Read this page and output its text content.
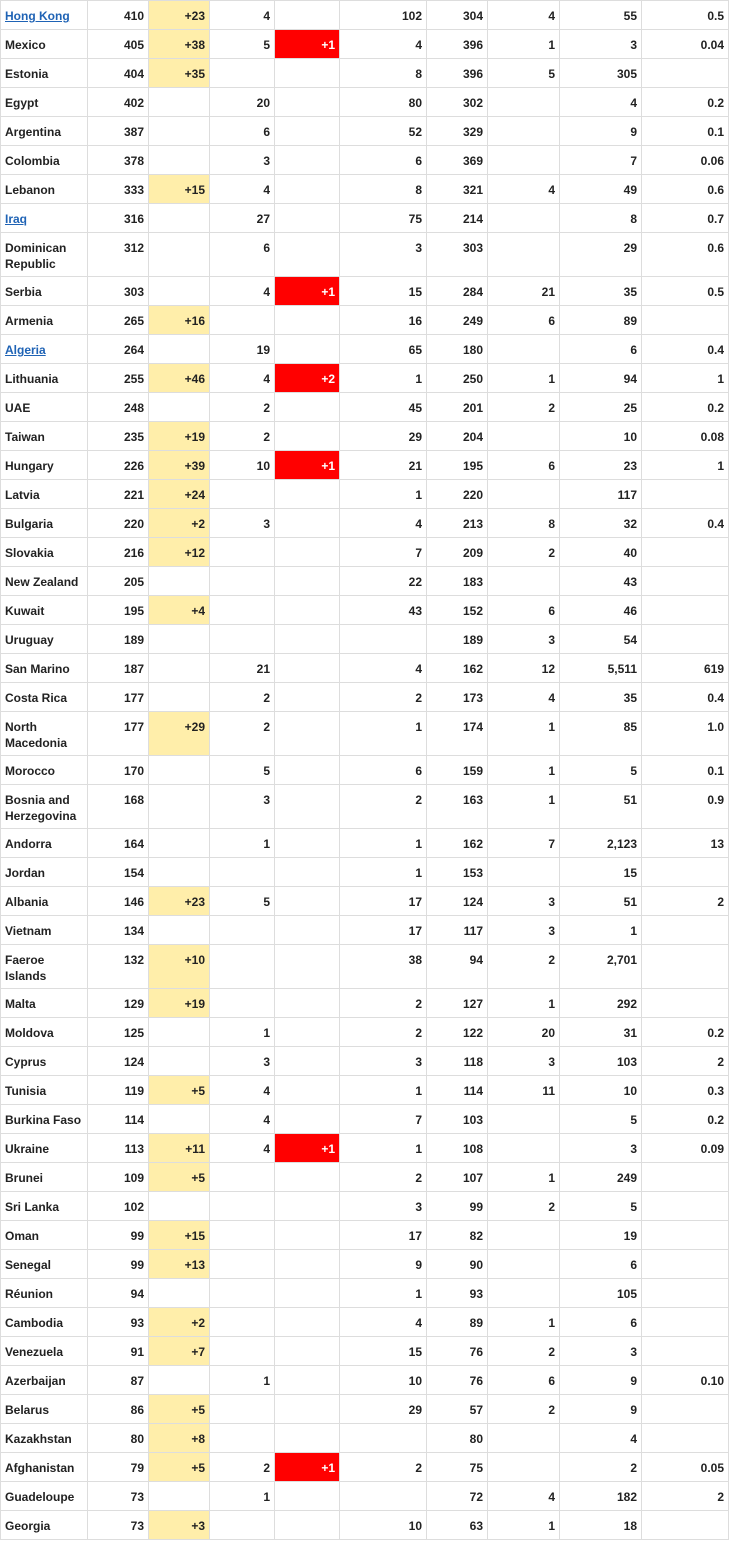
Hong Kong	410	+23	4		102	304	4	55	0.5
Mexico	405	+38	5	+1	4	396	1	3	0.04
Estonia	404	+35			8	396	5	305	
Egypt	402		20		80	302		4	0.2
Argentina	387		6		52	329		9	0.1
Colombia	378		3		6	369		7	0.06
Lebanon	333	+15	4		8	321	4	49	0.6
Iraq	316		27		75	214		8	0.7
Dominican Republic	312		6		3	303		29	0.6
Serbia	303		4	+1	15	284	21	35	0.5
Armenia	265	+16			16	249	6	89	
Algeria	264		19		65	180		6	0.4
Lithuania	255	+46	4	+2	1	250	1	94	1
UAE	248		2		45	201	2	25	0.2
Taiwan	235	+19	2		29	204		10	0.08
Hungary	226	+39	10	+1	21	195	6	23	1
Latvia	221	+24			1	220		117	
Bulgaria	220	+2	3		4	213	8	32	0.4
Slovakia	216	+12			7	209	2	40	
New Zealand	205				22	183		43	
Kuwait	195	+4			43	152	6	46	
Uruguay	189					189	3	54	
San Marino	187		21		4	162	12	5,511	619
Costa Rica	177		2		2	173	4	35	0.4
North Macedonia	177	+29	2		1	174	1	85	1.0
Morocco	170		5		6	159	1	5	0.1
Bosnia and Herzegovina	168		3		2	163	1	51	0.9
Andorra	164		1		1	162	7	2,123	13
Jordan	154				1	153		15	
Albania	146	+23	5		17	124	3	51	2
Vietnam	134				17	117	3	1	
Faeroe Islands	132	+10			38	94	2	2,701	
Malta	129	+19			2	127	1	292	
Moldova	125		1		2	122	20	31	0.2
Cyprus	124		3		3	118	3	103	2
Tunisia	119	+5	4		1	114	11	10	0.3
Burkina Faso	114		4		7	103		5	0.2
Ukraine	113	+11	4	+1	1	108		3	0.09
Brunei	109	+5			2	107	1	249	
Sri Lanka	102				3	99	2	5	
Oman	99	+15			17	82		19	
Senegal	99	+13			9	90		6	
Réunion	94				1	93		105	
Cambodia	93	+2			4	89	1	6	
Venezuela	91	+7			15	76	2	3	
Azerbaijan	87		1		10	76	6	9	0.10
Belarus	86	+5			29	57	2	9	
Kazakhstan	80	+8				80		4	
Afghanistan	79	+5	2	+1	2	75		2	0.05
Guadeloupe	73		1			72	4	182	2
Georgia	73	+3			10	63	1	18	
